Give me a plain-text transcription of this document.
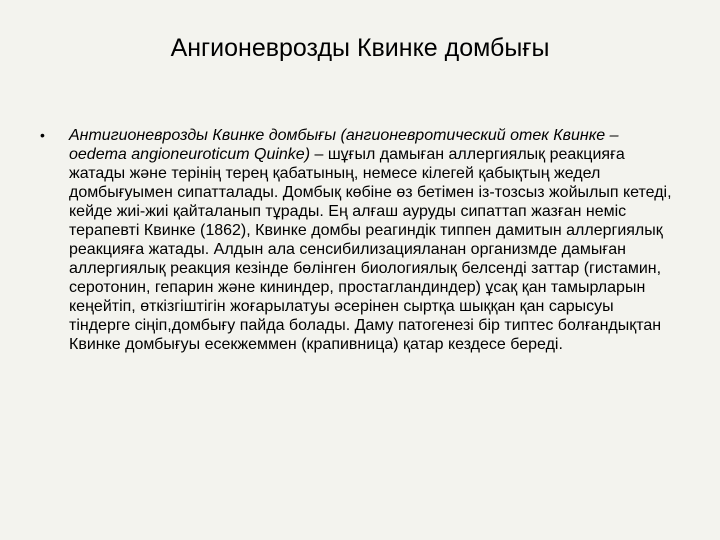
Ангионеврозды Квинке домбығы
• Антигионеврозды Квинке домбығы (ангионевротический отек Квинке – oedema angioneuroticum Quinke) – шұғыл дамыған аллергиялық реакцияға жатады және терінің терең қабатының, немесе кілегей қабықтың жедел домбығуымен сипатталады. Домбық көбіне өз бетімен із-тозсыз жойылып кетеді, кейде жиі-жиі қайталанып тұрады. Ең алғаш ауруды сипаттап жазған неміс терапевті Квинке (1862), Квинке домбы реагиндік типпен дамитын аллергиялық реакцияға жатады. Алдын ала сенсибилизацияланан организмде дамыған аллергиялық реакция кезінде бөлінген биологиялық белсенді заттар (гистамин, серотонин, гепарин және кининдер, простагландиндер) ұсақ қан тамырларын кеңейтіп, өткізгіштігін жоғарылатуы әсерінен сыртқа шыққан қан сарысуы тіндерге сіңіп,домбығу пайда болады. Даму патогенезі бір типтес болғандықтан Квинке домбығуы есекжеммен (крапивница) қатар кездесе береді.
